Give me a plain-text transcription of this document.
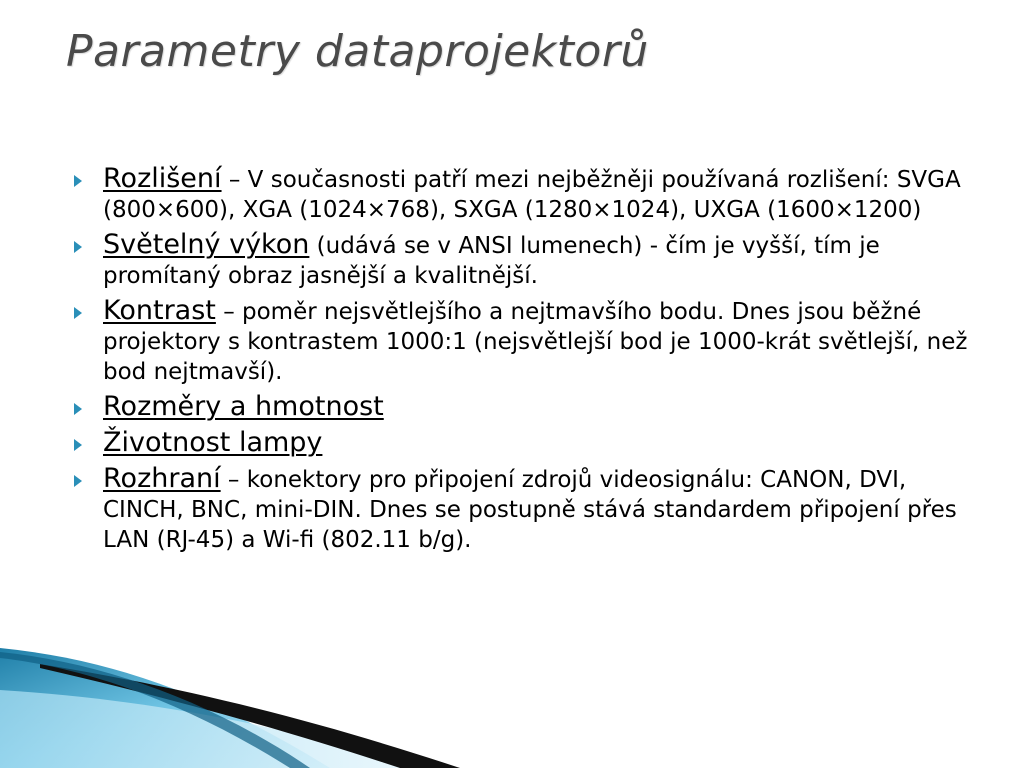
Parametry dataprojektorů
Rozlišení – V současnosti patří mezi nejběžněji používaná rozlišení: SVGA (800×600), XGA (1024×768), SXGA (1280×1024), UXGA (1600×1200)
Světelný výkon (udává se v ANSI lumenech) - čím je vyšší, tím je promítaný obraz jasnější a kvalitnější.
Kontrast – poměr nejsvětlejšího a nejtmavšího bodu. Dnes jsou běžné projektory s kontrastem 1000:1 (nejsvětlejší bod je 1000-krát světlejší, než bod nejtmavší).
Rozměry a hmotnost
Životnost lampy
Rozhraní – konektory pro připojení zdrojů videosignálu: CANON, DVI, CINCH, BNC, mini-DIN. Dnes se postupně stává standardem připojení přes LAN (RJ-45) a Wi-fi (802.11 b/g).
